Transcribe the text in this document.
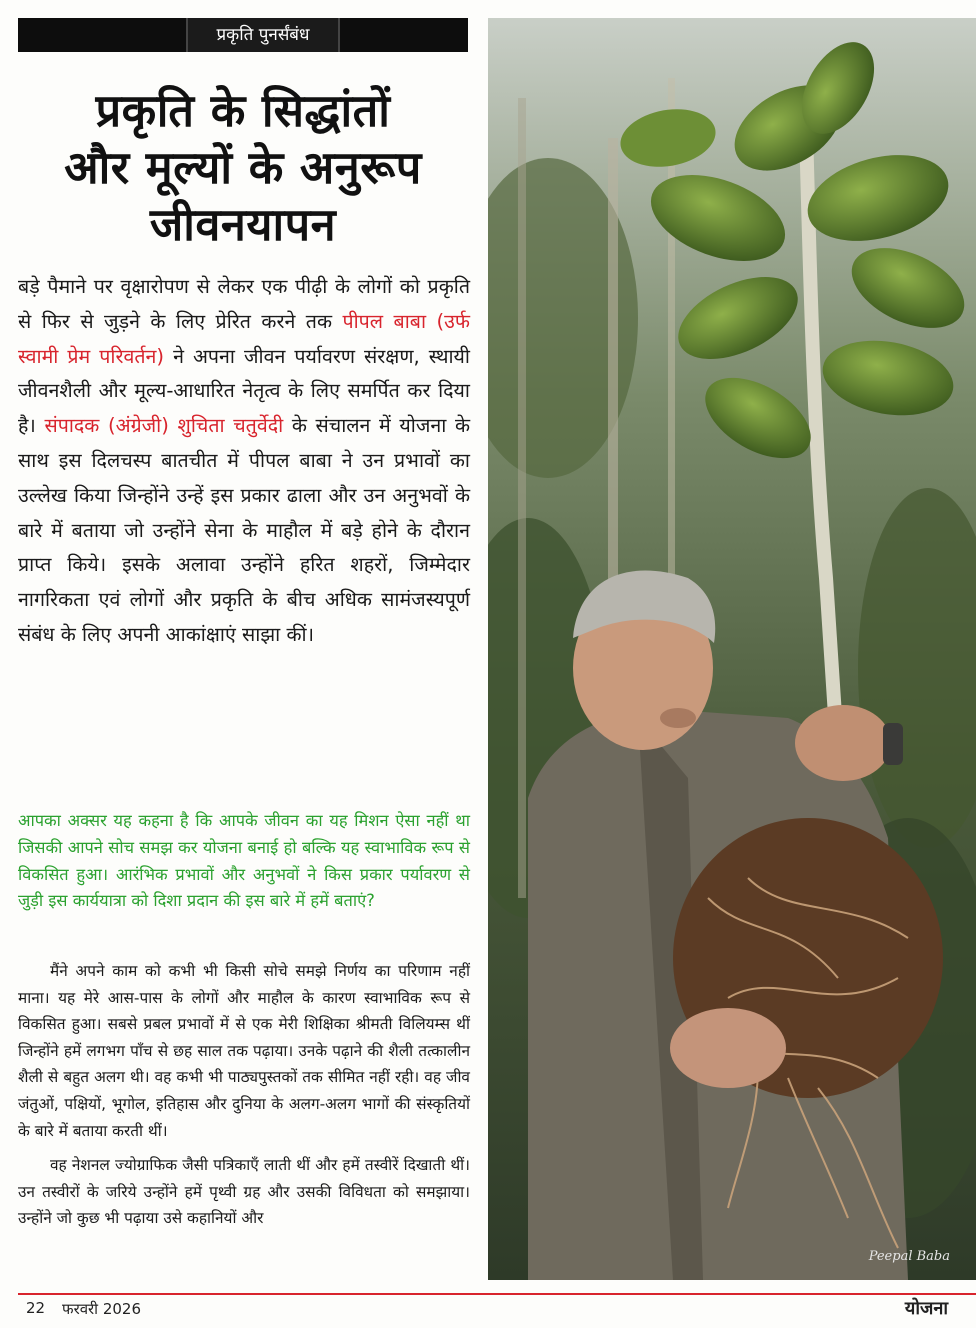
प्रकृति पुनर्संबंध
प्रकृति के सिद्धांतों
और मूल्यों के अनुरूप
जीवनयापन
बड़े पैमाने पर वृक्षारोपण से लेकर एक पीढ़ी के लोगों को प्रकृति से फिर से जुड़ने के लिए प्रेरित करने तक पीपल बाबा (उर्फ स्वामी प्रेम परिवर्तन) ने अपना जीवन पर्यावरण संरक्षण, स्थायी जीवनशैली और मूल्य-आधारित नेतृत्व के लिए समर्पित कर दिया है। संपादक (अंग्रेजी) शुचिता चतुर्वेदी के संचालन में योजना के साथ इस दिलचस्प बातचीत में पीपल बाबा ने उन प्रभावों का उल्लेख किया जिन्होंने उन्हें इस प्रकार ढाला और उन अनुभवों के बारे में बताया जो उन्होंने सेना के माहौल में बड़े होने के दौरान प्राप्त किये। इसके अलावा उन्होंने हरित शहरों, जिम्मेदार नागरिकता एवं लोगों और प्रकृति के बीच अधिक सामंजस्यपूर्ण संबंध के लिए अपनी आकांक्षाएं साझा कीं।
आपका अक्सर यह कहना है कि आपके जीवन का यह मिशन ऐसा नहीं था जिसकी आपने सोच समझ कर योजना बनाई हो बल्कि यह स्वाभाविक रूप से विकसित हुआ। आरंभिक प्रभावों और अनुभवों ने किस प्रकार पर्यावरण से जुड़ी इस कार्ययात्रा को दिशा प्रदान की इस बारे में हमें बताएं?

मैंने अपने काम को कभी भी किसी सोचे समझे निर्णय का परिणाम नहीं माना। यह मेरे आस-पास के लोगों और माहौल के कारण स्वाभाविक रूप से विकसित हुआ। सबसे प्रबल प्रभावों में से एक मेरी शिक्षिका श्रीमती विलियम्स थीं जिन्होंने हमें लगभग पाँच से छह साल तक पढ़ाया। उनके पढ़ाने की शैली तत्कालीन शैली से बहुत अलग थी। वह कभी भी पाठ्यपुस्तकों तक सीमित नहीं रही। वह जीव जंतुओं, पक्षियों, भूगोल, इतिहास और दुनिया के अलग-अलग भागों की संस्कृतियों के बारे में बताया करती थीं।

वह नेशनल ज्योग्राफिक जैसी पत्रिकाएँ लाती थीं और हमें तस्वीरें दिखाती थीं। उन तस्वीरों के जरिये उन्होंने हमें पृथ्वी ग्रह और उसकी विविधता को समझाया। उन्होंने जो कुछ भी पढ़ाया उसे कहानियों और

Peepal Baba
22 फरवरी 2026	योजना
